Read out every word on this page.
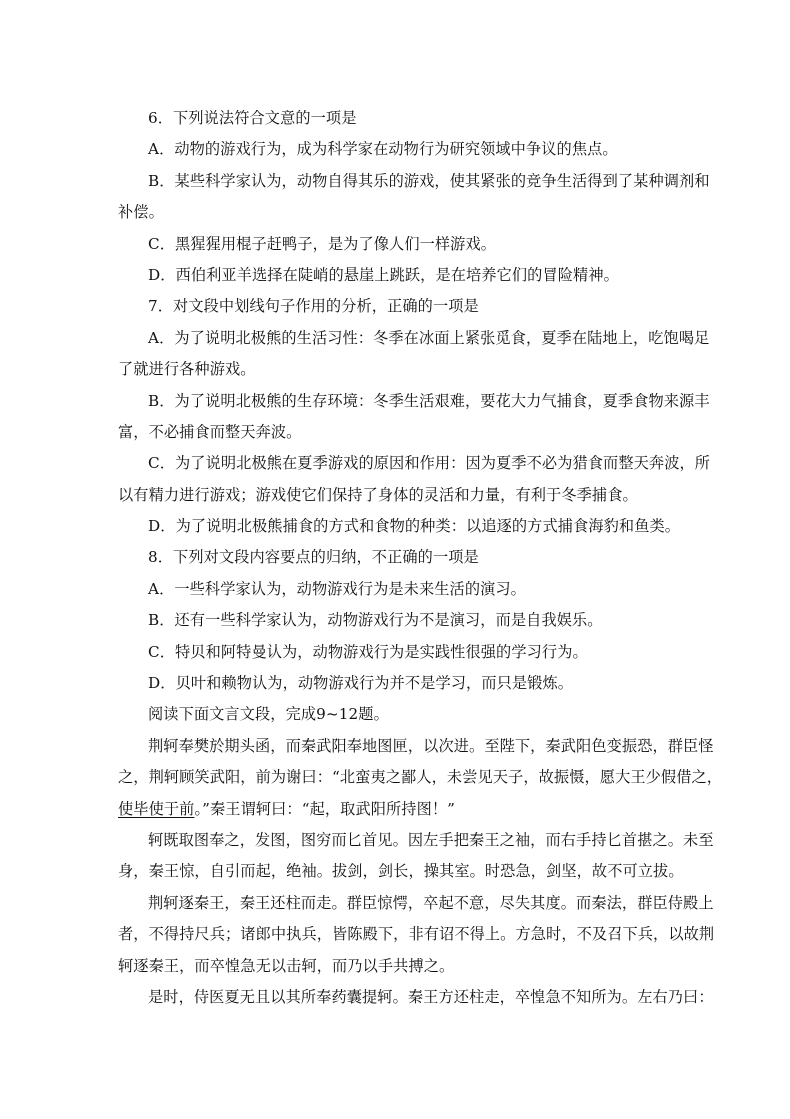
6．下列说法符合文意的一项是
A．动物的游戏行为，成为科学家在动物行为研究领域中争议的焦点。
B．某些科学家认为，动物自得其乐的游戏，使其紧张的竞争生活得到了某种调剂和
补偿。
C．黑猩猩用棍子赶鸭子，是为了像人们一样游戏。
D．西伯利亚羊选择在陡峭的悬崖上跳跃，是在培养它们的冒险精神。
7．对文段中划线句子作用的分析，正确的一项是
A．为了说明北极熊的生活习性：冬季在冰面上紧张觅食，夏季在陆地上，吃饱喝足
了就进行各种游戏。
B．为了说明北极熊的生存环境：冬季生活艰难，要花大力气捕食，夏季食物来源丰
富，不必捕食而整天奔波。
C．为了说明北极熊在夏季游戏的原因和作用：因为夏季不必为猎食而整天奔波，所
以有精力进行游戏；游戏使它们保持了身体的灵活和力量，有利于冬季捕食。
D．为了说明北极熊捕食的方式和食物的种类：以追逐的方式捕食海豹和鱼类。
8．下列对文段内容要点的归纳，不正确的一项是
A．一些科学家认为，动物游戏行为是未来生活的演习。
B．还有一些科学家认为，动物游戏行为不是演习，而是自我娱乐。
C．特贝和阿特曼认为，动物游戏行为是实践性很强的学习行为。
D．贝叶和赖物认为，动物游戏行为并不是学习，而只是锻炼。
阅读下面文言文段，完成9~12题。
荆轲奉樊於期头函，而秦武阳奉地图匣，以次进。至陛下，秦武阳色变振恐，群臣怪
之，荆轲顾笑武阳，前为谢曰：“北蛮夷之鄙人，未尝见天子，故振慑，愿大王少假借之，
使毕使于前。”秦王谓轲曰：“起，取武阳所持图！”
轲既取图奉之，发图，图穷而匕首见。因左手把秦王之袖，而右手持匕首揕之。未至
身，秦王惊，自引而起，绝袖。拔剑，剑长，操其室。时恐急，剑坚，故不可立拔。
荆轲逐秦王，秦王还柱而走。群臣惊愕，卒起不意，尽失其度。而秦法，群臣侍殿上
者，不得持尺兵；诸郎中执兵，皆陈殿下，非有诏不得上。方急时，不及召下兵，以故荆
轲逐秦王，而卒惶急无以击轲，而乃以手共搏之。
是时，侍医夏无且以其所奉药囊提轲。秦王方还柱走，卒惶急不知所为。左右乃曰：
